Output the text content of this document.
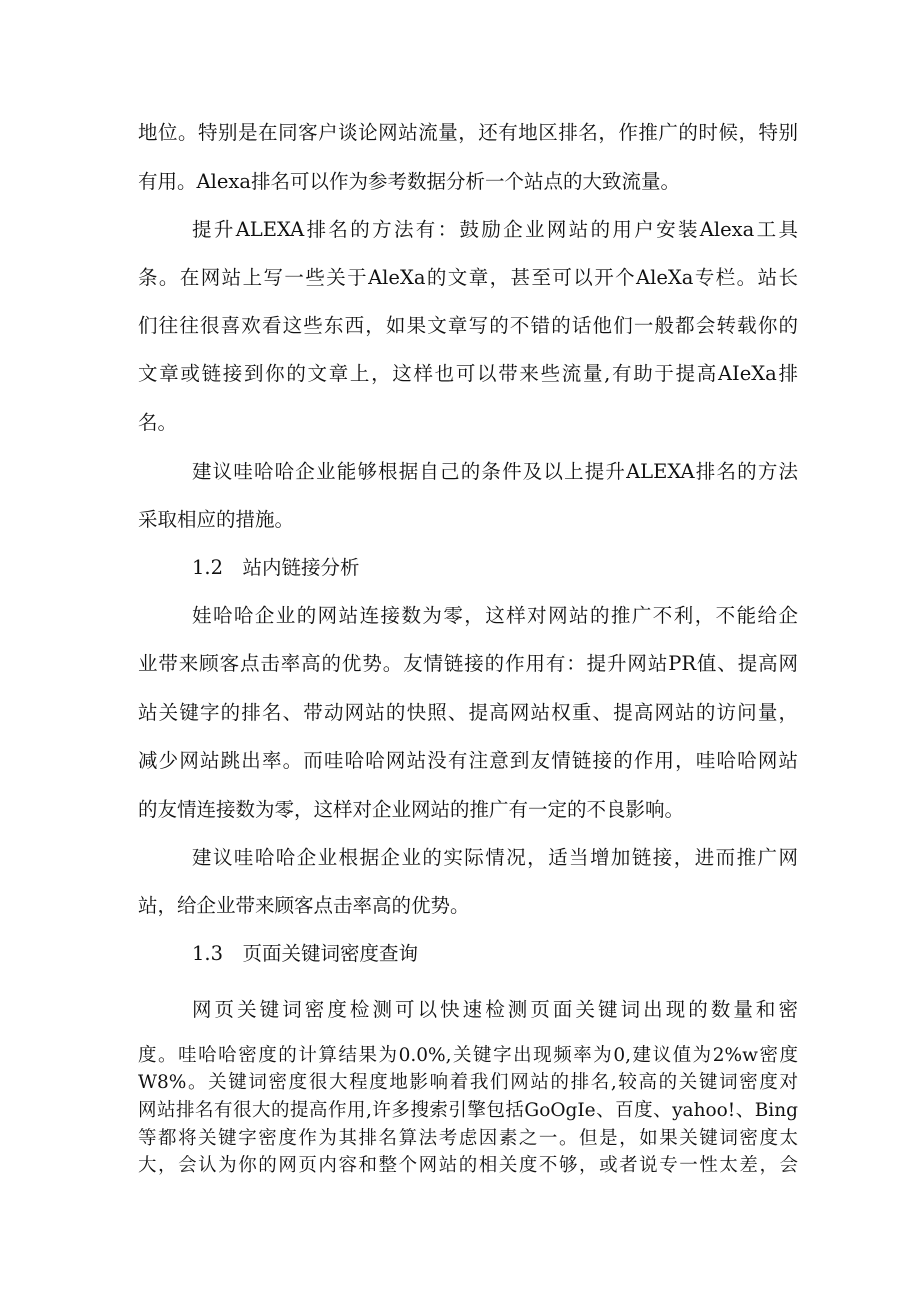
地位。特别是在同客户谈论网站流量，还有地区排名，作推广的时候，特别
有用。Alexa排名可以作为参考数据分析一个站点的大致流量。
提升ALEXA排名的方法有：鼓励企业网站的用户安装Alexa工具
条。在网站上写一些关于AleXa的文章，甚至可以开个AleXa专栏。站长
们往往很喜欢看这些东西，如果文章写的不错的话他们一般都会转载你的
文章或链接到你的文章上，这样也可以带来些流量,有助于提高AIeXa排
名。
建议哇哈哈企业能够根据自己的条件及以上提升ALEXA排名的方法
采取相应的措施。
1.2　站内链接分析
娃哈哈企业的网站连接数为零，这样对网站的推广不利，不能给企
业带来顾客点击率高的优势。友情链接的作用有：提升网站PR值、提高网
站关键字的排名、带动网站的快照、提高网站权重、提高网站的访问量，
减少网站跳出率。而哇哈哈网站没有注意到友情链接的作用，哇哈哈网站
的友情连接数为零，这样对企业网站的推广有一定的不良影响。
建议哇哈哈企业根据企业的实际情况，适当增加链接，进而推广网
站，给企业带来顾客点击率高的优势。
1.3　页面关键词密度查询
网页关键词密度检测可以快速检测页面关键词出现的数量和密
度。哇哈哈密度的计算结果为0.0%,关键字出现频率为0,建议值为2%w密度
W8%。关键词密度很大程度地影响着我们网站的排名,较高的关键词密度对
网站排名有很大的提高作用,许多搜索引擎包括GoOgIe、百度、yahoo!、Bing
等都将关键字密度作为其排名算法考虑因素之一。但是，如果关键词密度太
大，会认为你的网页内容和整个网站的相关度不够，或者说专一性太差，会
